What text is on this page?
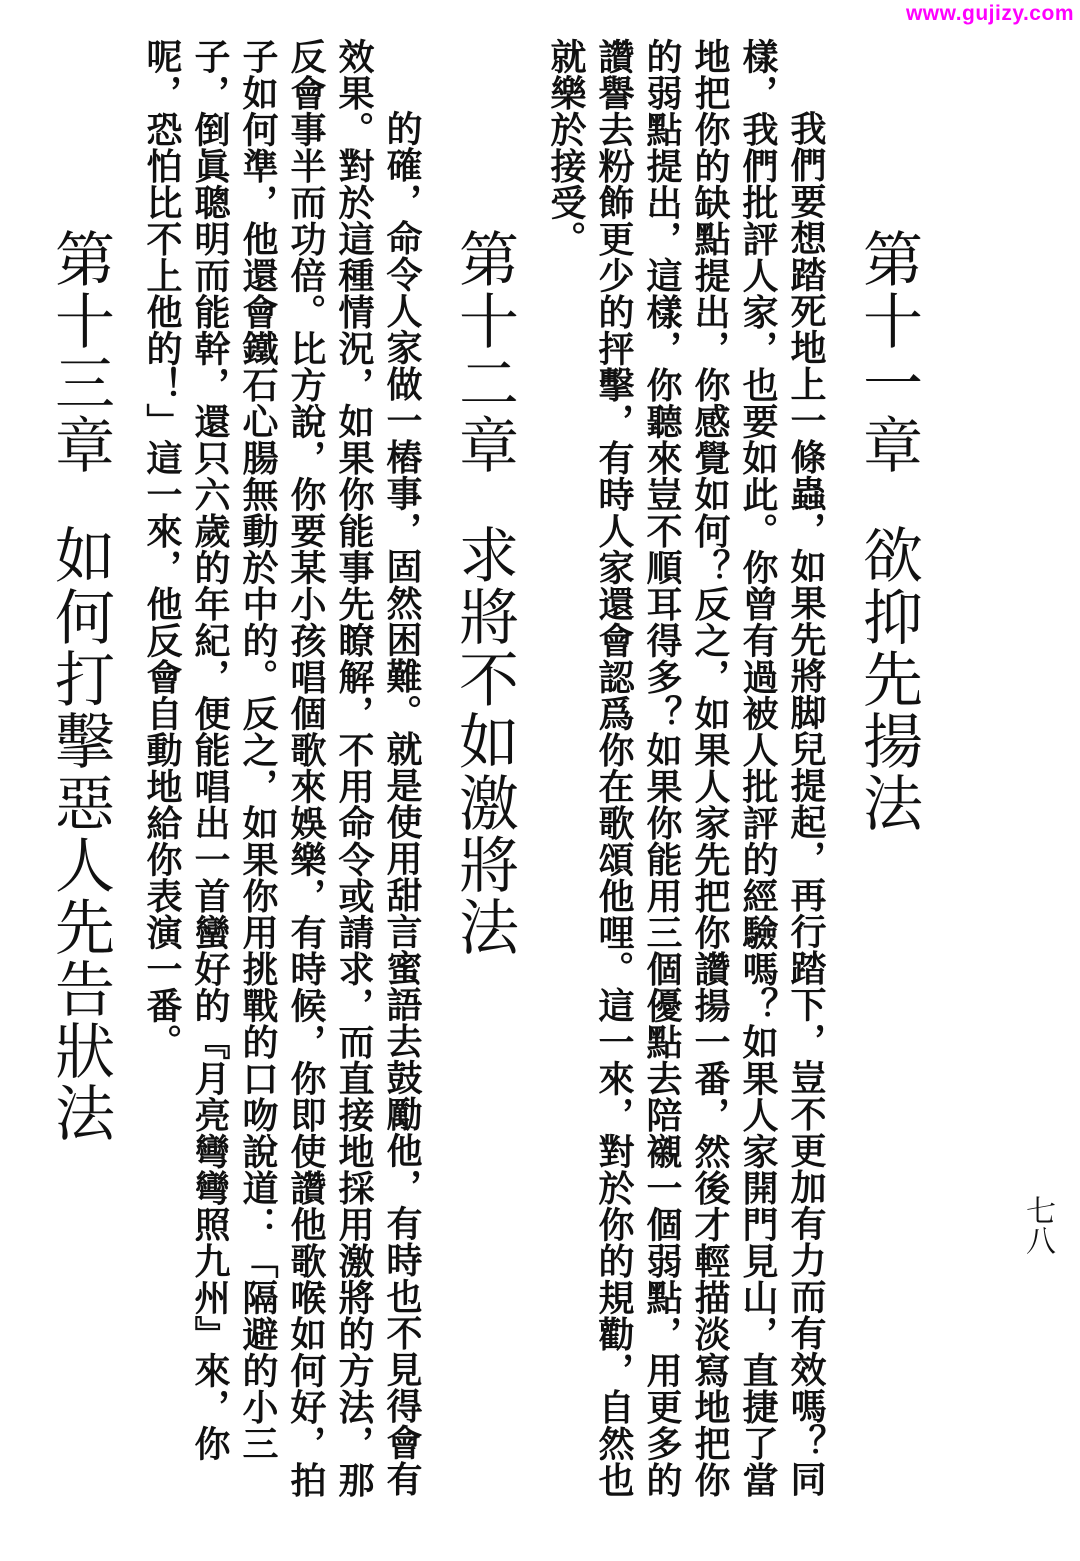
www.gujizy.com
七八
第十一章欲抑先揚法

我們要想踏死地上一條蟲，如果先將脚兒提起，再行踏下，豈不更加有力而有效嗎？同樣，我們批評人家，也要如此。你曾有過被人批評的經驗嗎？如果人家開門見山，直捷了當地把你的缺點提出，你感覺如何？反之，如果人家先把你讚揚一番，然後才輕描淡寫地把你的弱點提出，這樣，你聽來豈不順耳得多？如果你能用三個優點去陪襯一個弱點，用更多的讚譽去粉飾更少的抨擊，有時人家還會認爲你在歌頌他哩。這一來，對於你的規勸，自然也就樂於接受。

第十二章求將不如激將法

的確，命令人家做一樁事，固然困難。就是使用甜言蜜語去鼓勵他，有時也不見得會有效果。對於這種情況，如果你能事先瞭解，不用命令或請求，而直接地採用激將的方法，那反會事半而功倍。比方說，你要某小孩唱個歌來娛樂，有時候，你即使讚他歌喉如何好，拍子如何準，他還會鐵石心腸無動於中的。反之，如果你用挑戰的口吻說道：「隔避的小三子，倒眞聰明而能幹，還只六歲的年紀，便能唱出一首蠻好的『月亮彎彎照九州』來，你呢，恐怕比不上他的！」這一來，他反會自動地給你表演一番。

第十三章如何打擊惡人先告狀法
